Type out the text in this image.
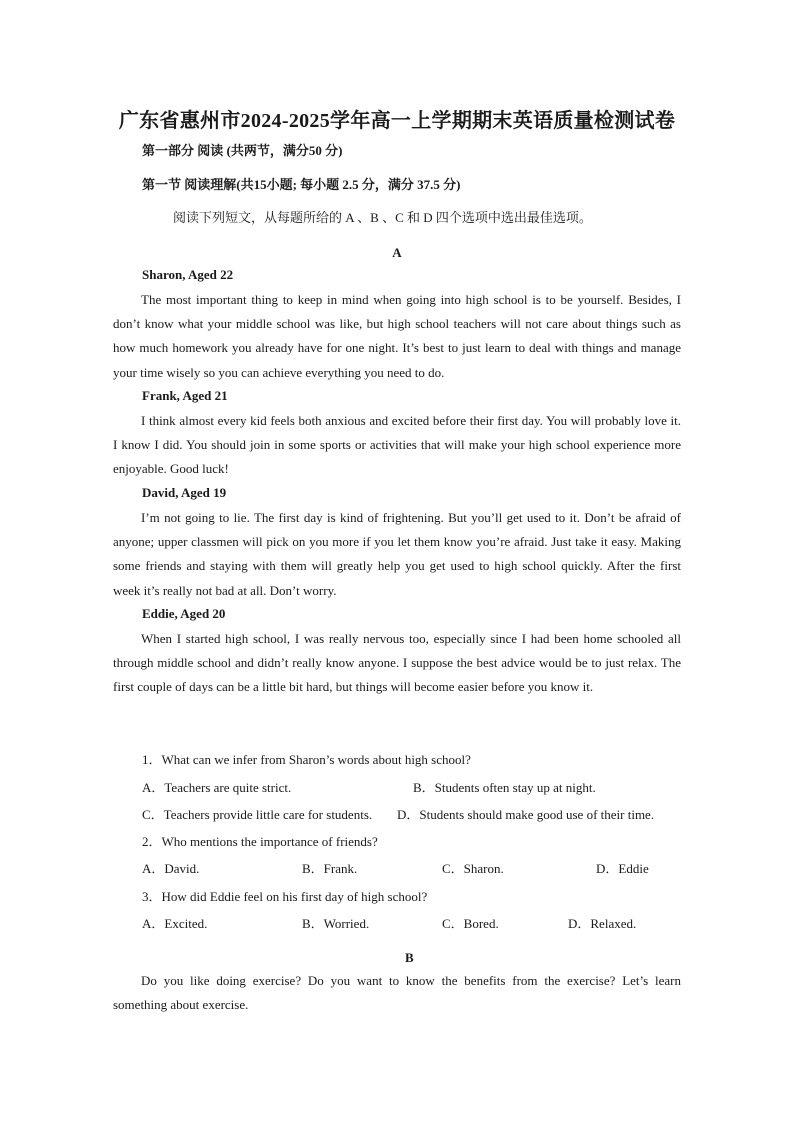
广东省惠州市2024-2025学年高一上学期期末英语质量检测试卷
第一部分 阅读 (共两节，满分50 分)
第一节 阅读理解(共15小题; 每小题 2.5 分，满分 37.5 分)
阅读下列短文，从每题所给的 A 、B 、C 和 D 四个选项中选出最佳选项。
A
Sharon, Aged 22
The most important thing to keep in mind when going into high school is to be yourself. Besides, I don’t know what your middle school was like, but high school teachers will not care about things such as how much homework you already have for one night. It’s best to just learn to deal with things and manage your time wisely so you can achieve everything you need to do.
Frank, Aged 21
I think almost every kid feels both anxious and excited before their first day. You will probably love it. I know I did. You should join in some sports or activities that will make your high school experience more enjoyable. Good luck!
David, Aged 19
I’m not going to lie. The first day is kind of frightening. But you’ll get used to it. Don’t be afraid of anyone; upper classmen will pick on you more if you let them know you’re afraid. Just take it easy. Making some friends and staying with them will greatly help you get used to high school quickly. After the first week it’s really not bad at all. Don’t worry.
Eddie, Aged 20
When I started high school, I was really nervous too, especially since I had been home schooled all through middle school and didn’t really know anyone. I suppose the best advice would be to just relax. The first couple of days can be a little bit hard, but things will become easier before you know it.
1．What can we infer from Sharon’s words about high school?
A．Teachers are quite strict.	B．Students often stay up at night.
C．Teachers provide little care for students. D．Students should make good use of their time.
2．Who mentions the importance of friends?
A．David.	B．Frank.	C．Sharon.	D．Eddie
3．How did Eddie feel on his first day of high school?
A．Excited.	B．Worried.	C．Bored.	D．Relaxed.
B
Do you like doing exercise? Do you want to know the benefits from the exercise? Let’s learn something about exercise.
